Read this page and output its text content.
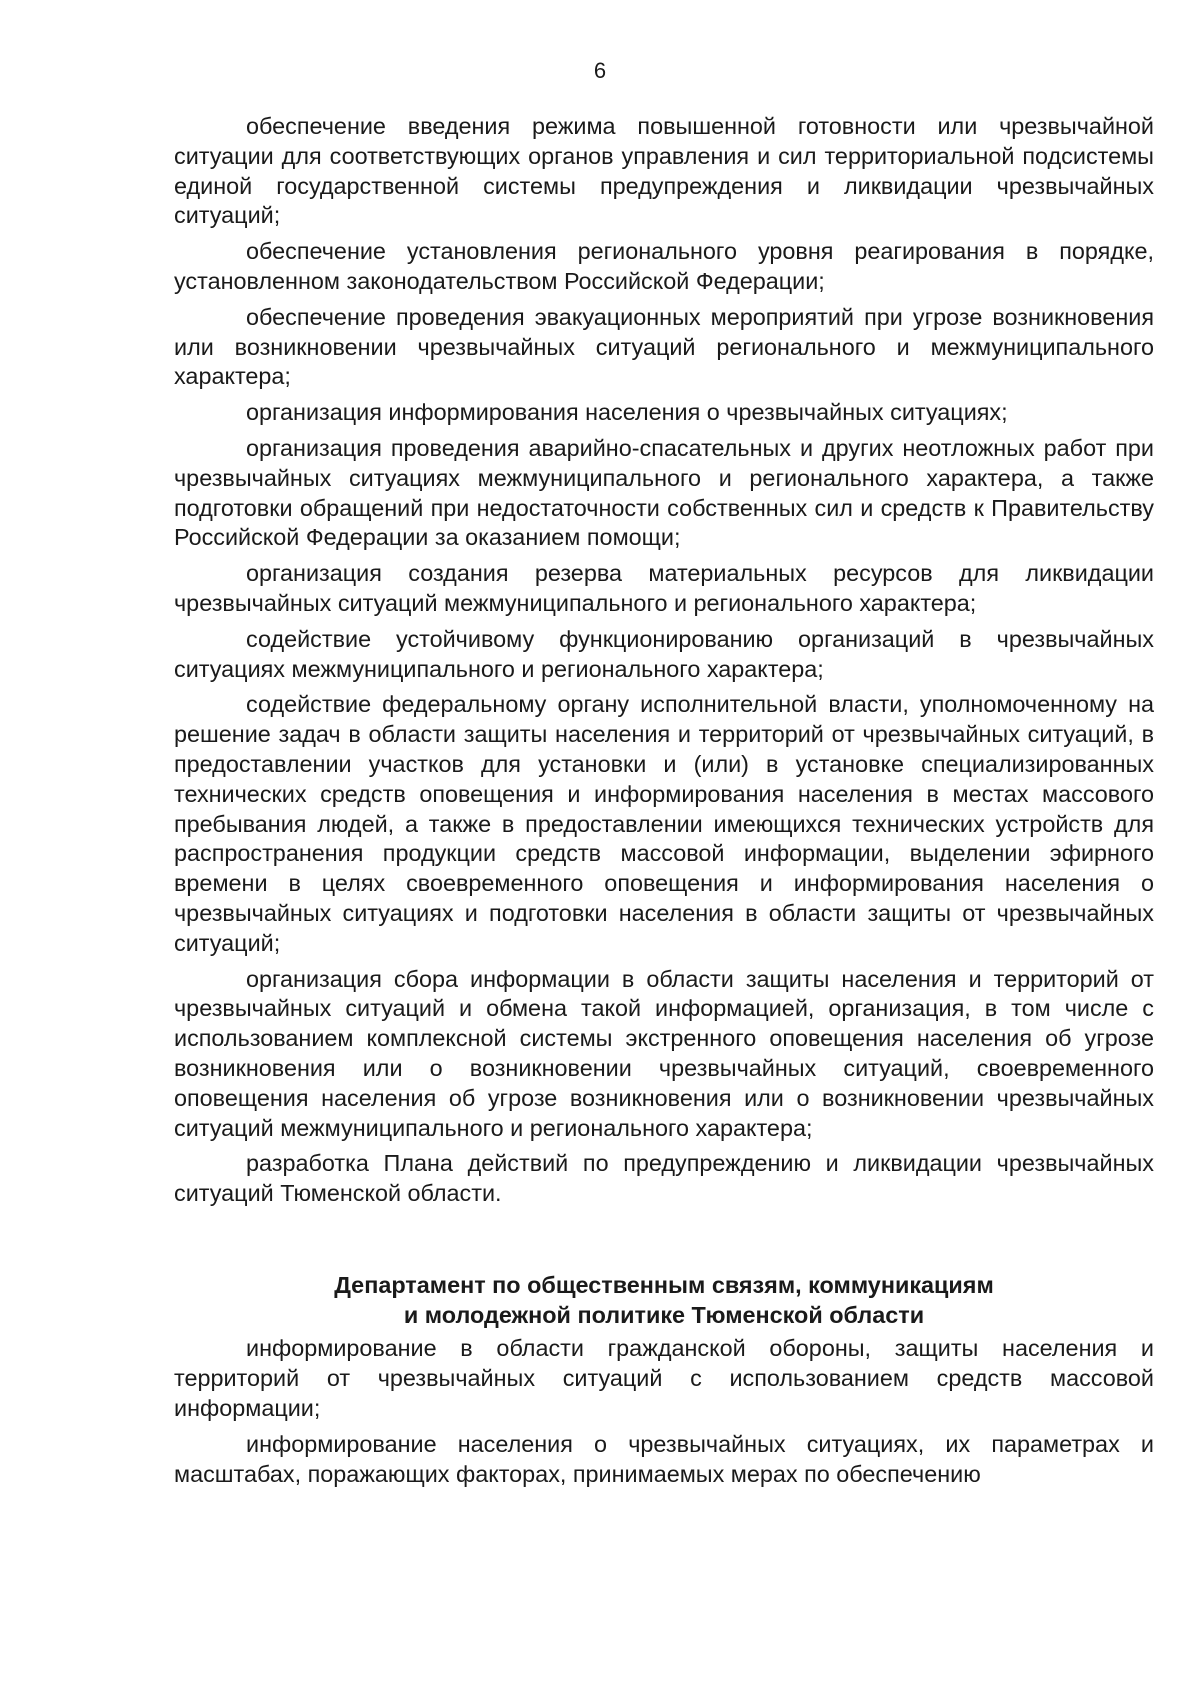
6

обеспечение введения режима повышенной готовности или чрезвычайной ситуации для соответствующих органов управления и сил территориальной подсистемы единой государственной системы предупреждения и ликвидации чрезвычайных ситуаций;

обеспечение установления регионального уровня реагирования в порядке, установленном законодательством Российской Федерации;

обеспечение проведения эвакуационных мероприятий при угрозе возникновения или возникновении чрезвычайных ситуаций регионального и межмуниципального характера;

организация информирования населения о чрезвычайных ситуациях;

организация проведения аварийно-спасательных и других неотложных работ при чрезвычайных ситуациях межмуниципального и регионального характера, а также подготовки обращений при недостаточности собственных сил и средств к Правительству Российской Федерации за оказанием помощи;

организация создания резерва материальных ресурсов для ликвидации чрезвычайных ситуаций межмуниципального и регионального характера;

содействие устойчивому функционированию организаций в чрезвычайных ситуациях межмуниципального и регионального характера;

содействие федеральному органу исполнительной власти, уполномоченному на решение задач в области защиты населения и территорий от чрезвычайных ситуаций, в предоставлении участков для установки и (или) в установке специализированных технических средств оповещения и информирования населения в местах массового пребывания людей, а также в предоставлении имеющихся технических устройств для распространения продукции средств массовой информации, выделении эфирного времени в целях своевременного оповещения и информирования населения о чрезвычайных ситуациях и подготовки населения в области защиты от чрезвычайных ситуаций;

организация сбора информации в области защиты населения и территорий от чрезвычайных ситуаций и обмена такой информацией, организация, в том числе с использованием комплексной системы экстренного оповещения населения об угрозе возникновения или о возникновении чрезвычайных ситуаций, своевременного оповещения населения об угрозе возникновения или о возникновении чрезвычайных ситуаций межмуниципального и регионального характера;

разработка Плана действий по предупреждению и ликвидации чрезвычайных ситуаций Тюменской области.

Департамент по общественным связям, коммуникациям
и молодежной политике Тюменской области

информирование в области гражданской обороны, защиты населения и территорий от чрезвычайных ситуаций с использованием средств массовой информации;

информирование населения о чрезвычайных ситуациях, их параметрах и масштабах, поражающих факторах, принимаемых мерах по обеспечению
